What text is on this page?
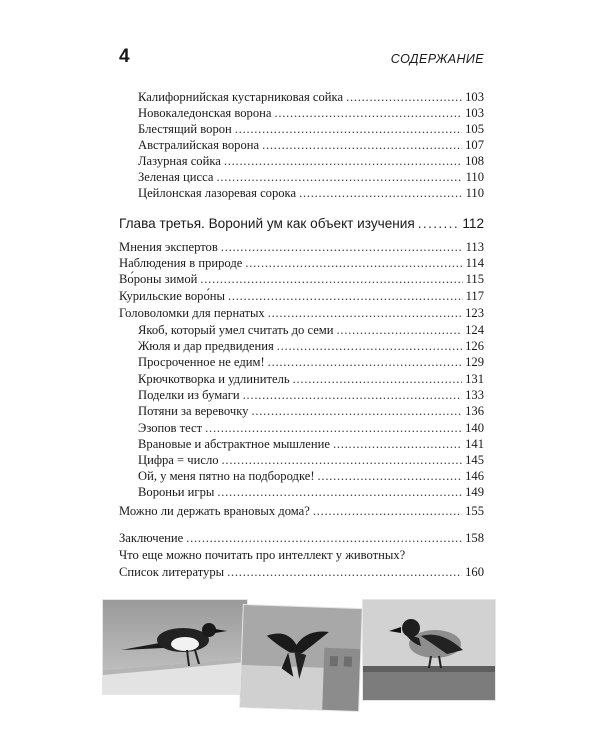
4	СОДЕРЖАНИЕ
Калифорнийская кустарниковая сойка . . .	103
Новокаледонская ворона . . .	103
Блестящий ворон . . .	105
Австралийская ворона . . .	107
Лазурная сойка . . .	108
Зеленая цисса . . .	110
Цейлонская лазоревая сорока . . .	110
Глава третья. Вороний ум как объект изучения . . .	112
Мнения экспертов . . .	113
Наблюдения в природе . . .	114
Во́роны зимой . . .	115
Курильские воро́ны . . .	117
Головоломки для пернатых . . .	123
Якоб, который умел считать до семи . . .	124
Жюля и дар предвидения . . .	126
Просроченное не едим! . . .	129
Крючкотворка и удлинитель . . .	131
Поделки из бумаги . . .	133
Потяни за веревочку . . .	136
Эзопов тест . . .	140
Врановые и абстрактное мышление . . .	141
Цифра = число . . .	145
Ой, у меня пятно на подбородке! . . .	146
Вороньи игры . . .	149
Можно ли держать врановых дома? . . .	155
Заключение . . .	158
Что еще можно почитать про интеллект у животных?
Список литературы . . .	160
